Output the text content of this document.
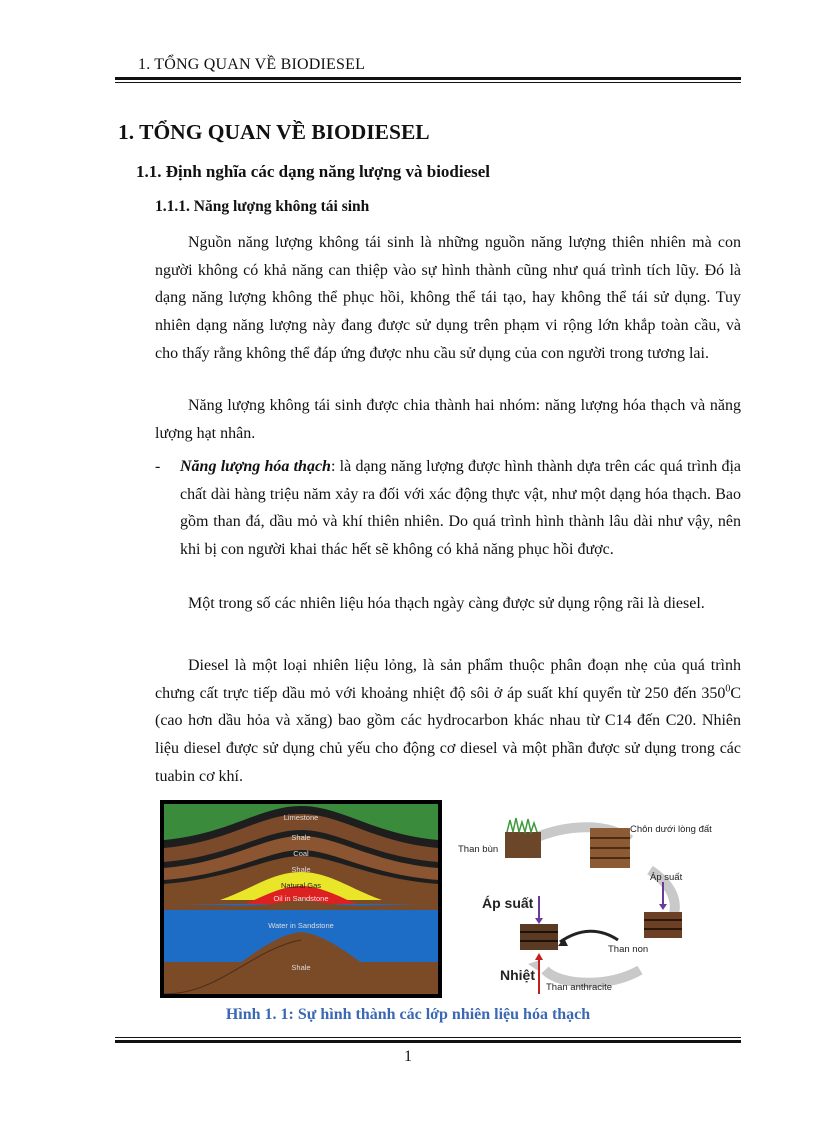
1. TỔNG QUAN VỀ BIODIESEL
1. TỔNG QUAN VỀ BIODIESEL
1.1. Định nghĩa các dạng năng lượng và biodiesel
1.1.1. Năng lượng không tái sinh
Nguồn năng lượng không tái sinh là những nguồn năng lượng thiên nhiên mà con người không có khả năng can thiệp vào sự hình thành cũng như quá trình tích lũy. Đó là dạng năng lượng không thể phục hồi, không thể tái tạo, hay không thể tái sử dụng. Tuy nhiên dạng năng lượng này đang được sử dụng trên phạm vi rộng lớn khắp toàn cầu, và cho thấy rằng không thể đáp ứng được nhu cầu sử dụng của con người trong tương lai.
Năng lượng không tái sinh được chia thành hai nhóm: năng lượng hóa thạch và năng lượng hạt nhân.
- Năng lượng hóa thạch: là dạng năng lượng được hình thành dựa trên các quá trình địa chất dài hàng triệu năm xảy ra đối với xác động thực vật, như một dạng hóa thạch. Bao gồm than đá, dầu mỏ và khí thiên nhiên. Do quá trình hình thành lâu dài như vậy, nên khi bị con người khai thác hết sẽ không có khả năng phục hồi được.
Một trong số các nhiên liệu hóa thạch ngày càng được sử dụng rộng rãi là diesel.
Diesel là một loại nhiên liệu lỏng, là sản phẩm thuộc phân đoạn nhẹ của quá trình chưng cất trực tiếp dầu mỏ với khoảng nhiệt độ sôi ở áp suất khí quyển từ 250 đến $350^0C$ (cao hơn dầu hỏa và xăng) bao gồm các hydrocarbon khác nhau từ C14 đến C20. Nhiên liệu diesel được sử dụng chủ yếu cho động cơ diesel và một phần được sử dụng trong các tuabin cơ khí.
Limestone
Shale
Coal
Shale
Natural Gas
Oil in Sandstone
Water in Sandstone
Shale
Than bùn
Chôn dưới lòng đất
Áp suất
Áp suất
Than non
Nhiệt
Than anthracite
Hình 1. 1: Sự hình thành các lớp nhiên liệu hóa thạch
1
